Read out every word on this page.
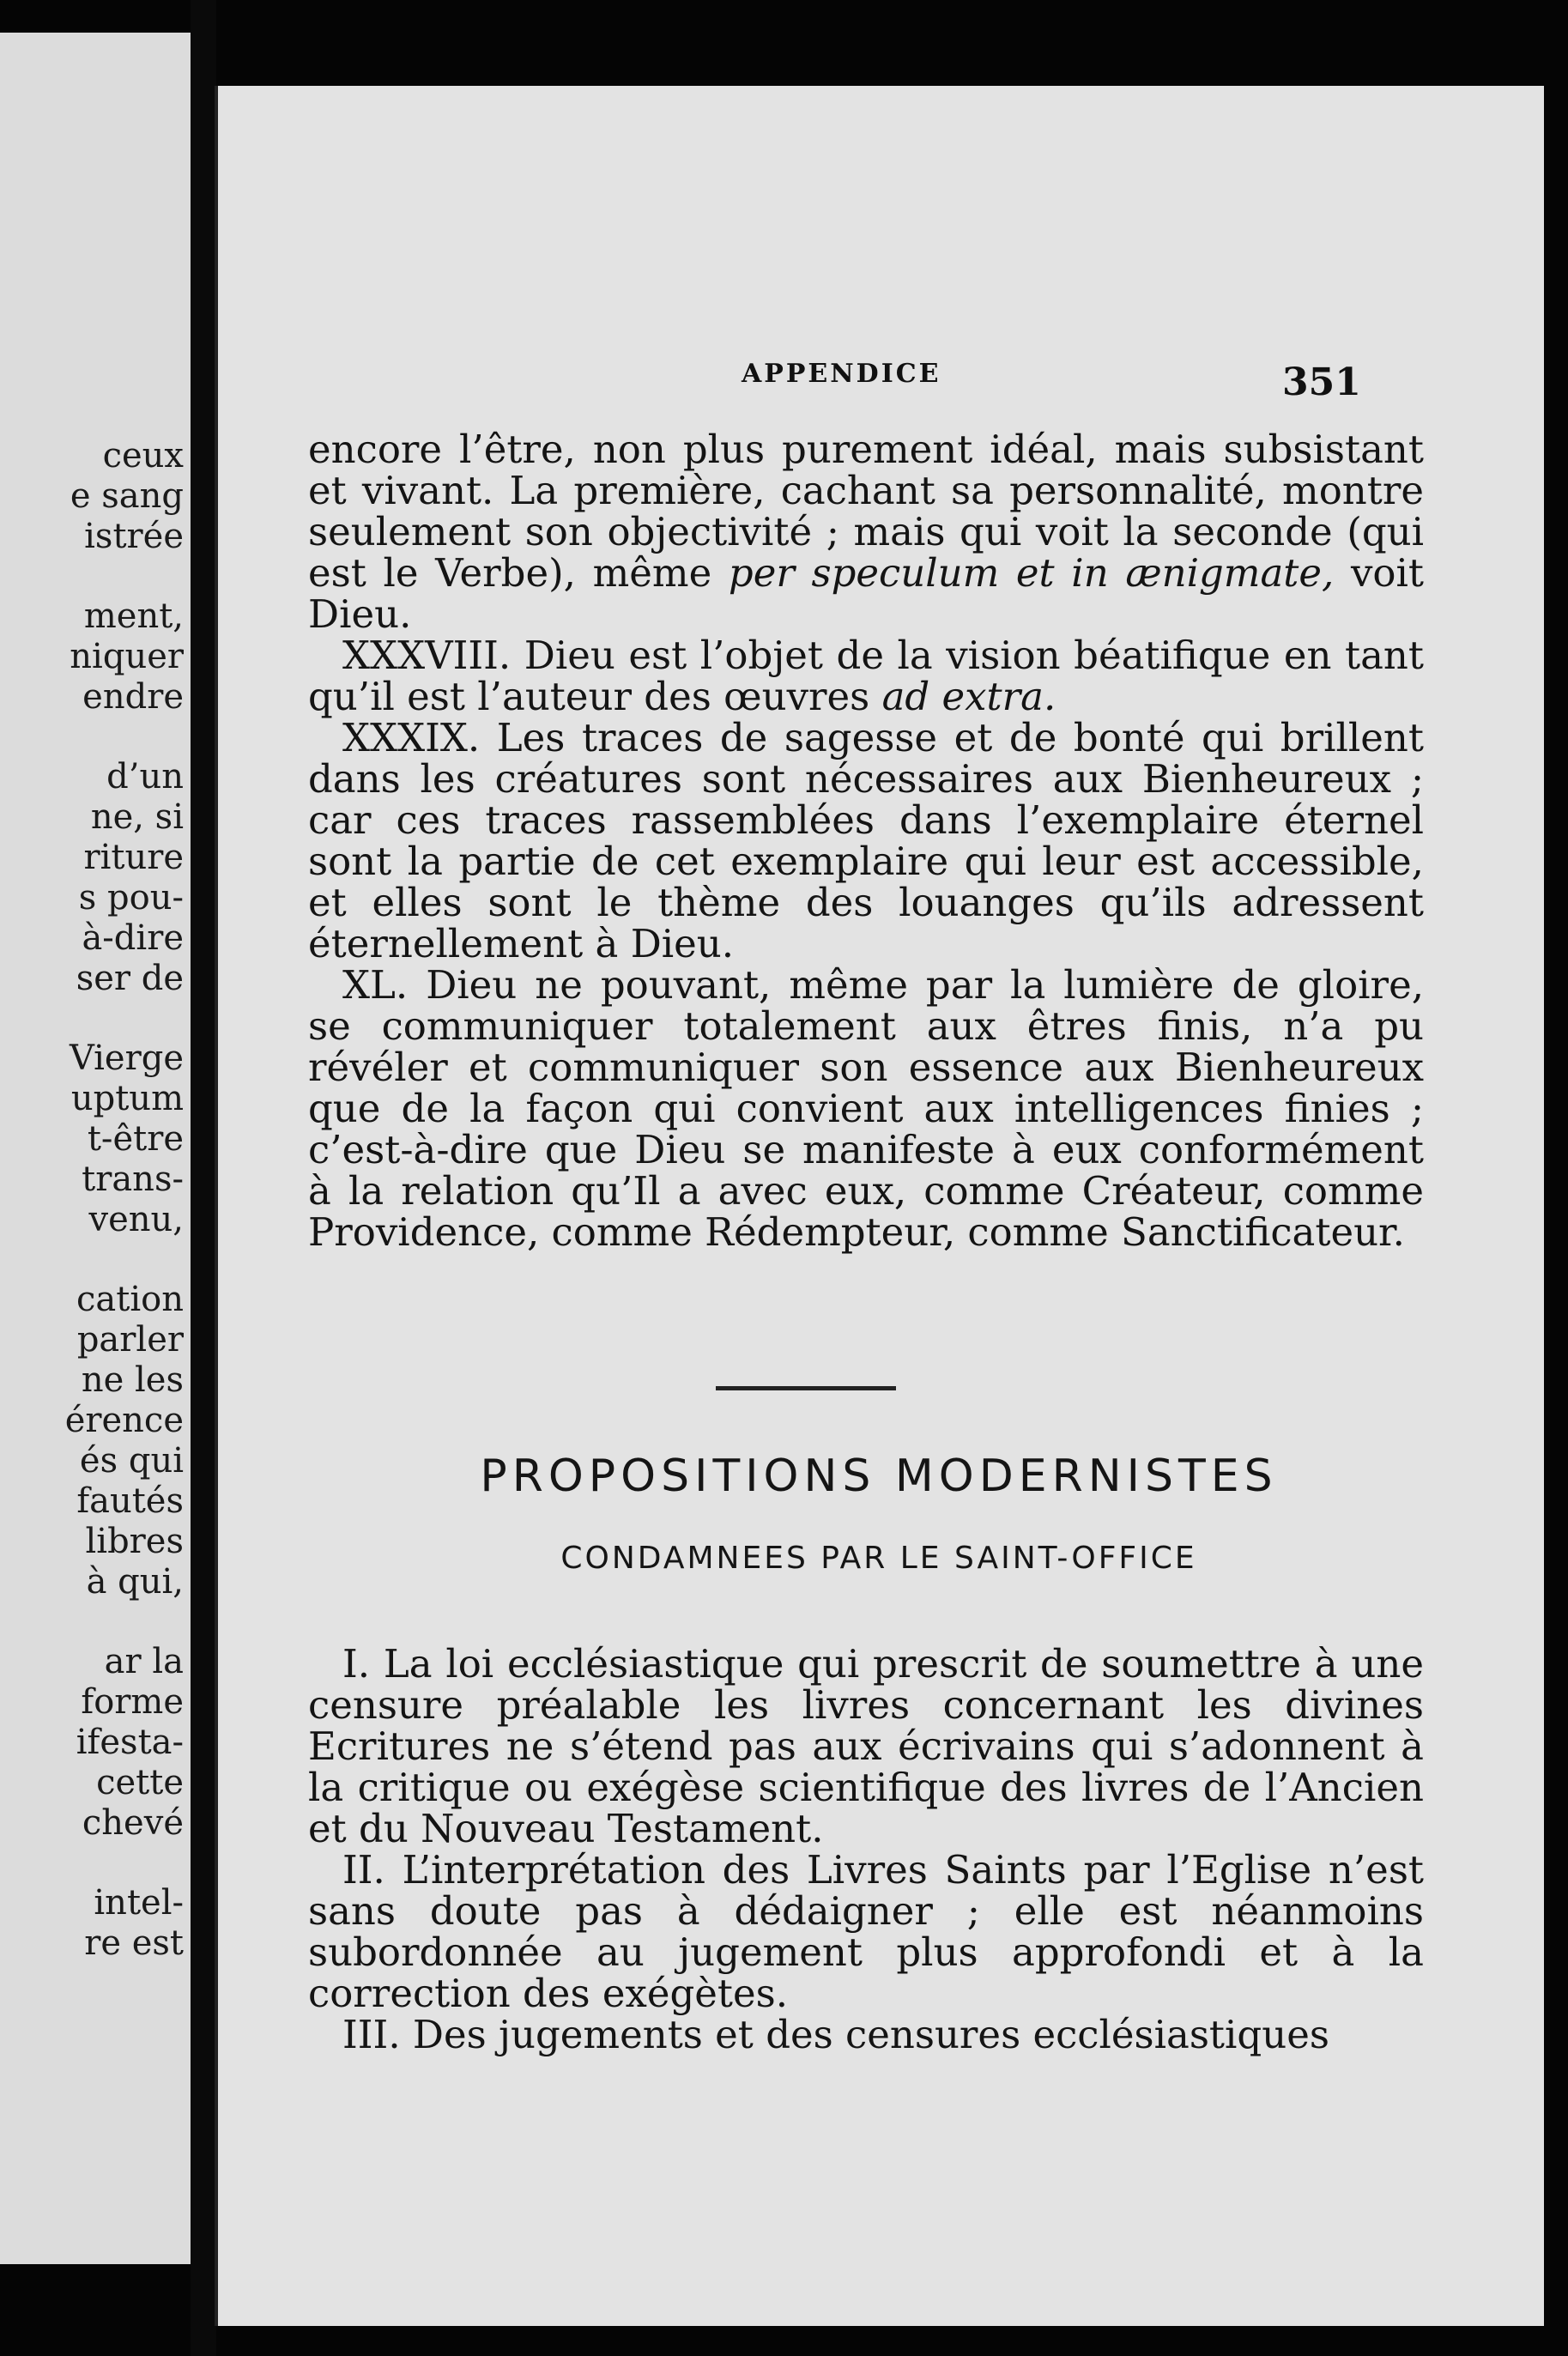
ceux
e sang
istrée
ment,
niquer
endre
d’un
ne, si
riture
s pou-
à-dire
ser de
Vierge
uptum
t-être
trans-
venu,
cation
parler
ne les
érence
és qui
fautés
libres
à qui,
ar la
forme
ifesta-
cette
chevé
intel-
re est
APPENDICE	351

encore l’être, non plus purement idéal, mais subsistant et vivant. La première, cachant sa personnalité, montre seulement son objectivité ; mais qui voit la seconde (qui est le Verbe), même per speculum et in ænigmate, voit Dieu.

XXXVIII. Dieu est l’objet de la vision béatifique en tant qu’il est l’auteur des œuvres ad extra.

XXXIX. Les traces de sagesse et de bonté qui brillent dans les créatures sont nécessaires aux Bienheureux ; car ces traces rassemblées dans l’exemplaire éternel sont la partie de cet exemplaire qui leur est accessible, et elles sont le thème des louanges qu’ils adressent éternellement à Dieu.

XL. Dieu ne pouvant, même par la lumière de gloire, se communiquer totalement aux êtres finis, n’a pu révéler et communiquer son essence aux Bienheureux que de la façon qui convient aux intelligences finies ; c’est-à-dire que Dieu se manifeste à eux conformément à la relation qu’Il a avec eux, comme Créateur, comme Providence, comme Rédempteur, comme Sanctificateur.

PROPOSITIONS MODERNISTES
CONDAMNEES PAR LE SAINT-OFFICE

I. La loi ecclésiastique qui prescrit de soumettre à une censure préalable les livres concernant les divines Ecritures ne s’étend pas aux écrivains qui s’adonnent à la critique ou exégèse scientifique des livres de l’Ancien et du Nouveau Testament.

II. L’interprétation des Livres Saints par l’Eglise n’est sans doute pas à dédaigner ; elle est néanmoins subordonnée au jugement plus approfondi et à la correction des exégètes.

III. Des jugements et des censures ecclésiastiques
